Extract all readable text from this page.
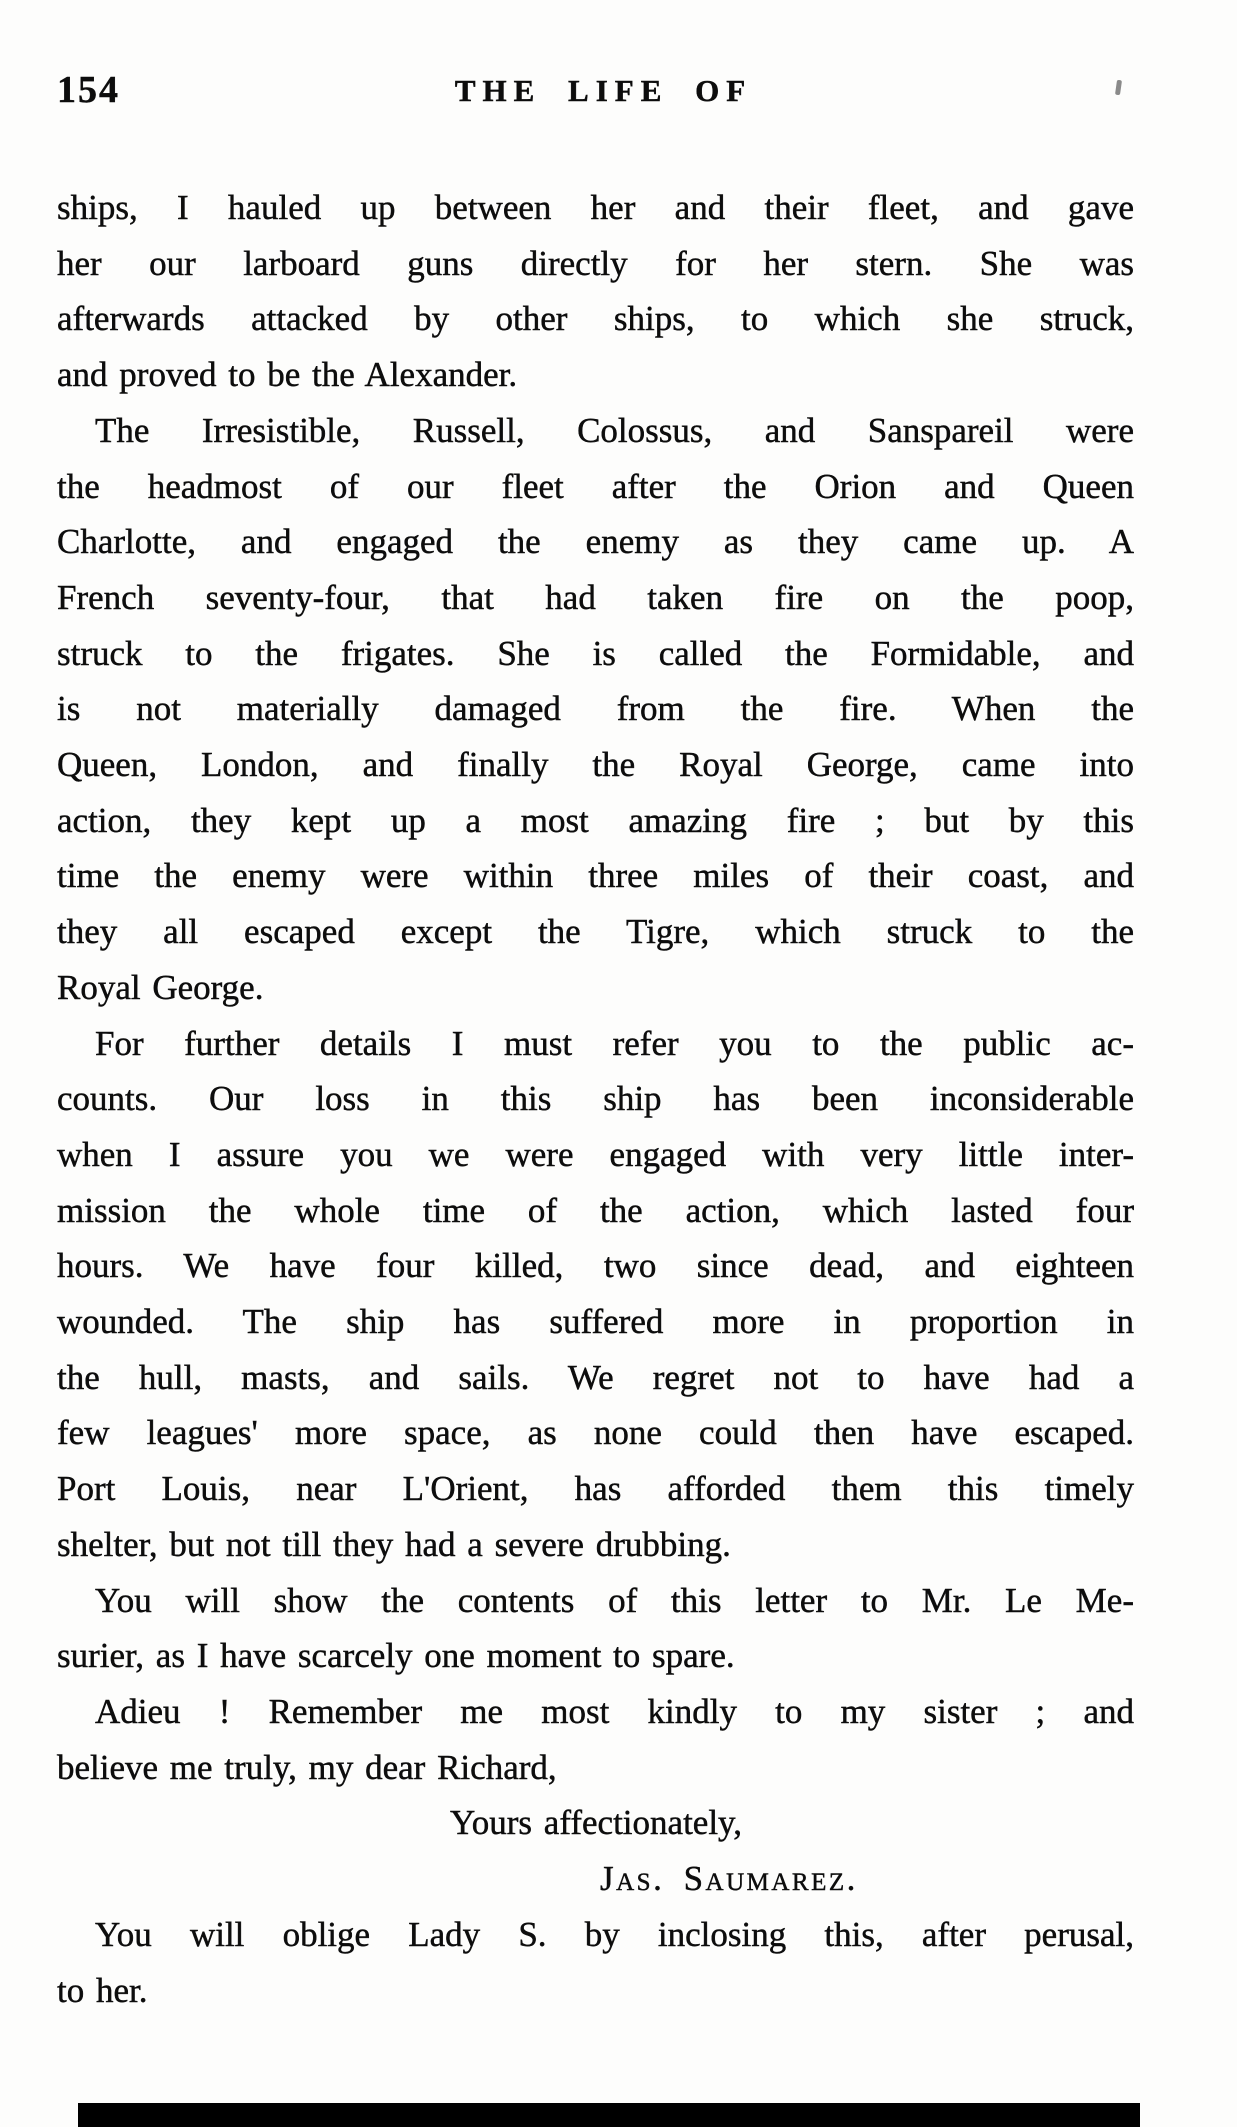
154	THE LIFE OF
ships, I hauled up between her and their fleet, and gave
her our larboard guns directly for her stern. She was
afterwards attacked by other ships, to which she struck,
and proved to be the Alexander.
The Irresistible, Russell, Colossus, and Sanspareil were
the headmost of our fleet after the Orion and Queen
Charlotte, and engaged the enemy as they came up. A
French seventy-four, that had taken fire on the poop,
struck to the frigates. She is called the Formidable, and
is not materially damaged from the fire. When the
Queen, London, and finally the Royal George, came into
action, they kept up a most amazing fire ; but by this
time the enemy were within three miles of their coast, and
they all escaped except the Tigre, which struck to the
Royal George.
For further details I must refer you to the public ac-
counts. Our loss in this ship has been inconsiderable
when I assure you we were engaged with very little inter-
mission the whole time of the action, which lasted four
hours. We have four killed, two since dead, and eighteen
wounded. The ship has suffered more in proportion in
the hull, masts, and sails. We regret not to have had a
few leagues' more space, as none could then have escaped.
Port Louis, near L'Orient, has afforded them this timely
shelter, but not till they had a severe drubbing.
You will show the contents of this letter to Mr. Le Me-
surier, as I have scarcely one moment to spare.
Adieu ! Remember me most kindly to my sister ; and
believe me truly, my dear Richard,
Yours affectionately,
Jas. Saumarez.
You will oblige Lady S. by inclosing this, after perusal,
to her.
